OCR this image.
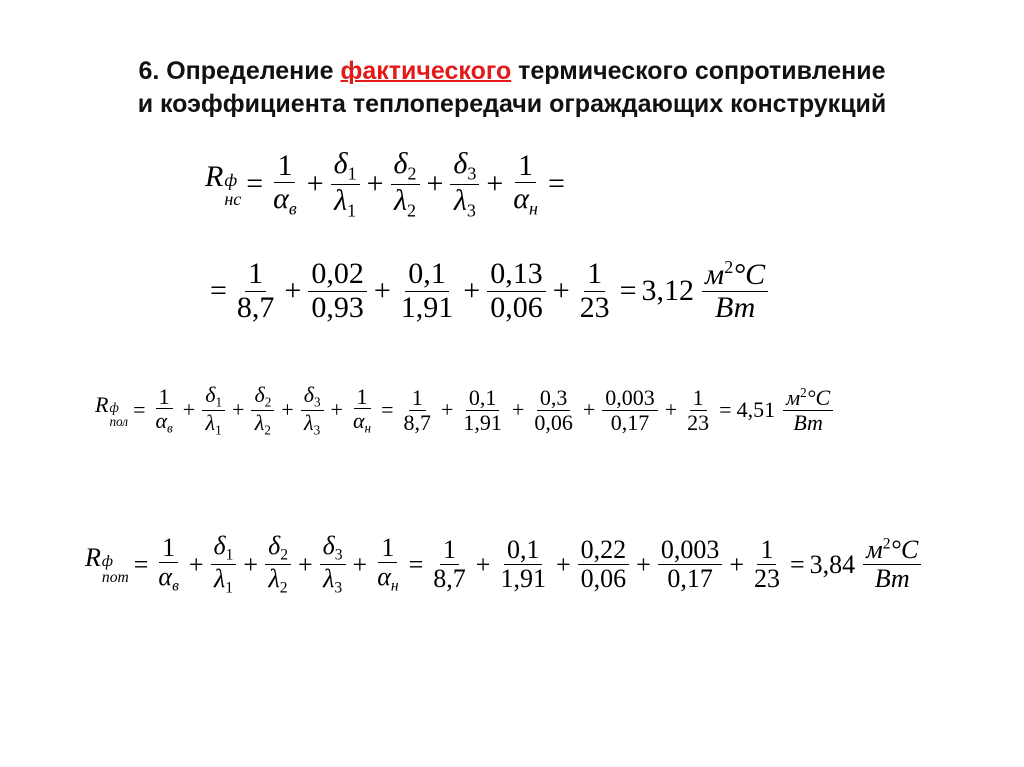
6. Определение фактического термического сопротивление
и коэффициента теплопередачи ограждающих конструкций
R ф
нс = $\frac{1}{\alpha_в} + \frac{\delta_1}{\lambda_1} + \frac{\delta_2}{\lambda_2} + \frac{\delta_3}{\lambda_3} + \frac{1}{\alpha_н}$ =
= $\frac{1}{8,7} + \frac{0,02}{0,93} + \frac{0,1}{1,91} + \frac{0,13}{0,06} + \frac{1}{23} = 3,12 \frac{м^2^\circ C}{Вт}$
R ф
пол = $\frac{1}{\alpha_в} + \frac{\delta_1}{\lambda_1} + \frac{\delta_2}{\lambda_2} + \frac{\delta_3}{\lambda_3} + \frac{1}{\alpha_н} = \frac{1}{8,7} + \frac{0,1}{1,91} + \frac{0,3}{0,06} + \frac{0,003}{0,17} + \frac{1}{23} = 4,51 \frac{м^2^\circ C}{Вт}$
R ф
пот = $\frac{1}{\alpha_в} + \frac{\delta_1}{\lambda_1} + \frac{\delta_2}{\lambda_2} + \frac{\delta_3}{\lambda_3} + \frac{1}{\alpha_н} = \frac{1}{8,7} + \frac{0,1}{1,91} + \frac{0,22}{0,06} + \frac{0,003}{0,17} + \frac{1}{23} = 3,84 \frac{м^2^\circ C}{Вт}$
